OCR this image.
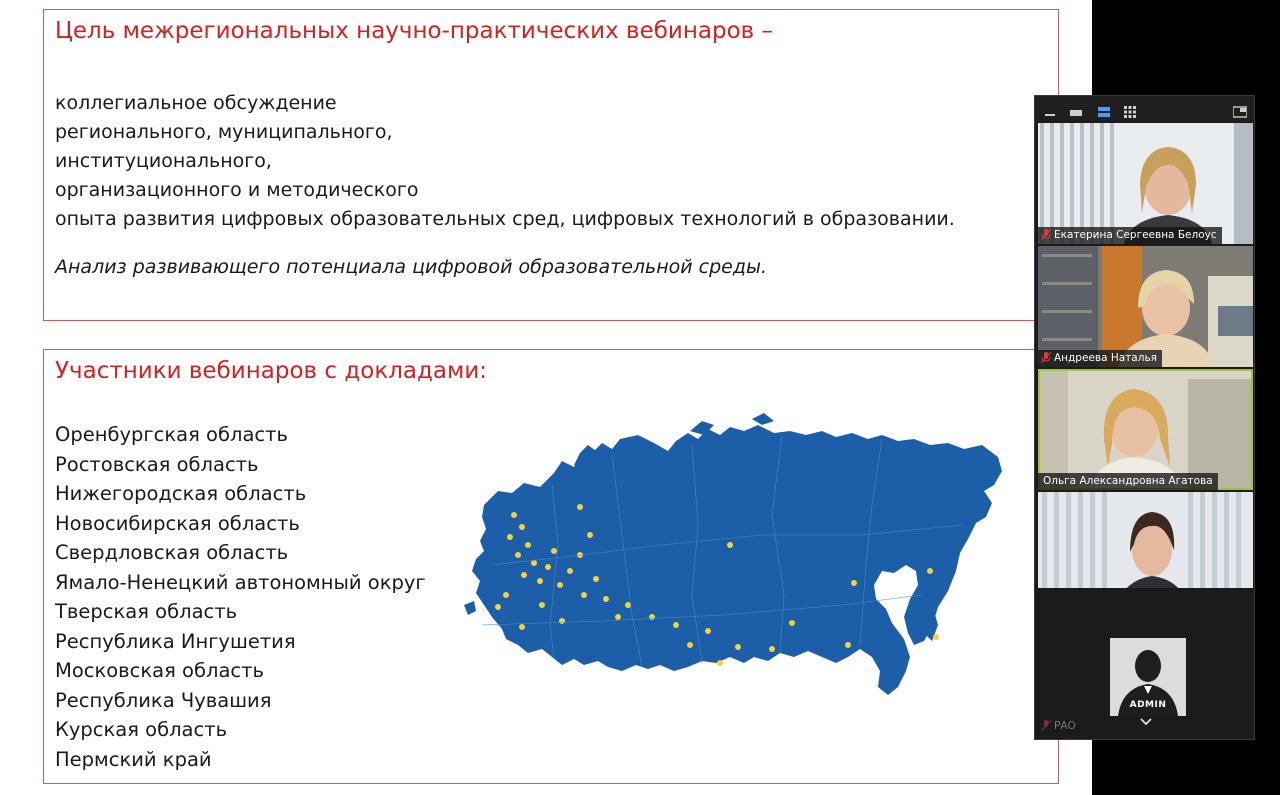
Цель межрегиональных научно-практических вебинаров –
коллегиальное обсуждение
регионального, муниципального,
институционального,
организационного и методического
опыта развития цифровых образовательных сред, цифровых технологий в образовании.
Анализ развивающего потенциала цифровой образовательной среды.
Участники вебинаров с докладами:
Оренбургская область
Ростовская область
Нижегородская область
Новосибирская область
Свердловская область
Ямало-Ненецкий автономный округ
Тверская область
Республика Ингушетия
Московская область
Республика Чувашия
Курская область
Пермский край
Екатерина Сергеевна Белоус
Андреева Наталья
Ольга Александровна Агатова
ADMIN
РАО
